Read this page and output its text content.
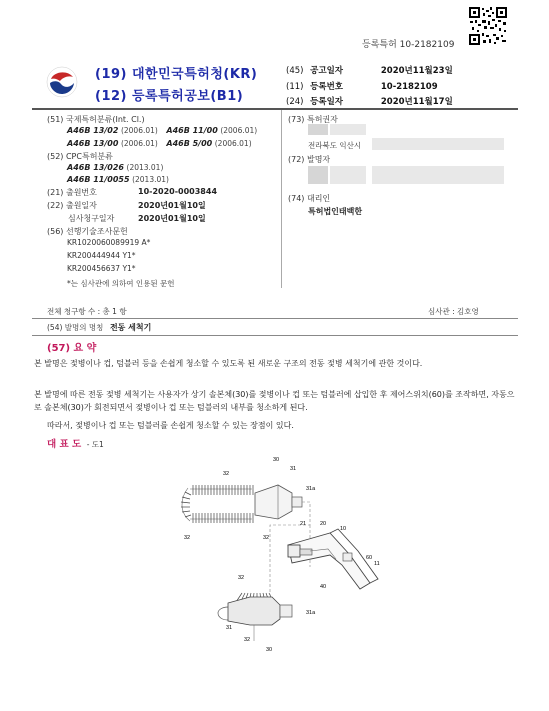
등록특허 10-2182109
(19) 대한민국특허청(KR)
(12) 등록특허공보(B1)
(45) 공고일자	2020년11월23일
(11) 등록번호	10-2182109
(24) 등록일자	2020년11월17일
(51) 국제특허분류(Int. Cl.)
A46B 13/02 (2006.01) A46B 11/00 (2006.01)
A46B 13/00 (2006.01) A46B 5/00 (2006.01)
(52) CPC특허분류
A46B 13/026 (2013.01)
A46B 11/0055 (2013.01)
(21) 출원번호	10-2020-0003844
(22) 출원일자	2020년01월10일
심사청구일자	2020년01월10일
(56) 선행기술조사문헌
KR1020060089919 A*
KR200444944 Y1*
KR200456637 Y1*
*는 심사관에 의하여 인용된 문헌
(73) 특허권자
전라북도 익산시
(72) 발명자
(74) 대리인
특허법인태백한
전체 청구항 수 : 총 1 항	심사관 : 김호영
(54) 발명의 명칭 전동 세척기
(57) 요 약
본 발명은 젖병이나 컵, 텀블러 등을 손쉽게 청소할 수 있도록 된 새로운 구조의 전동 젖병 세척기에 관한 것이다.
본 발명에 따른 전동 젖병 세척기는 사용자가 상기 솔본체(30)를 젖병이나 컵 또는 텀블러에 삽입한 후 제어스위치(60)를 조작하면, 자동으로 솔본체(30)가 회전되면서 젖병이나 컵 또는 텀블러의 내부를 청소하게 된다.
따라서, 젖병이나 컵 또는 텀블러를 손쉽게 청소할 수 있는 장점이 있다.
대 표 도 - 도1
30
31
32
32	32
31a
21	20
10
60
40
11
32
31
32
31a
30
